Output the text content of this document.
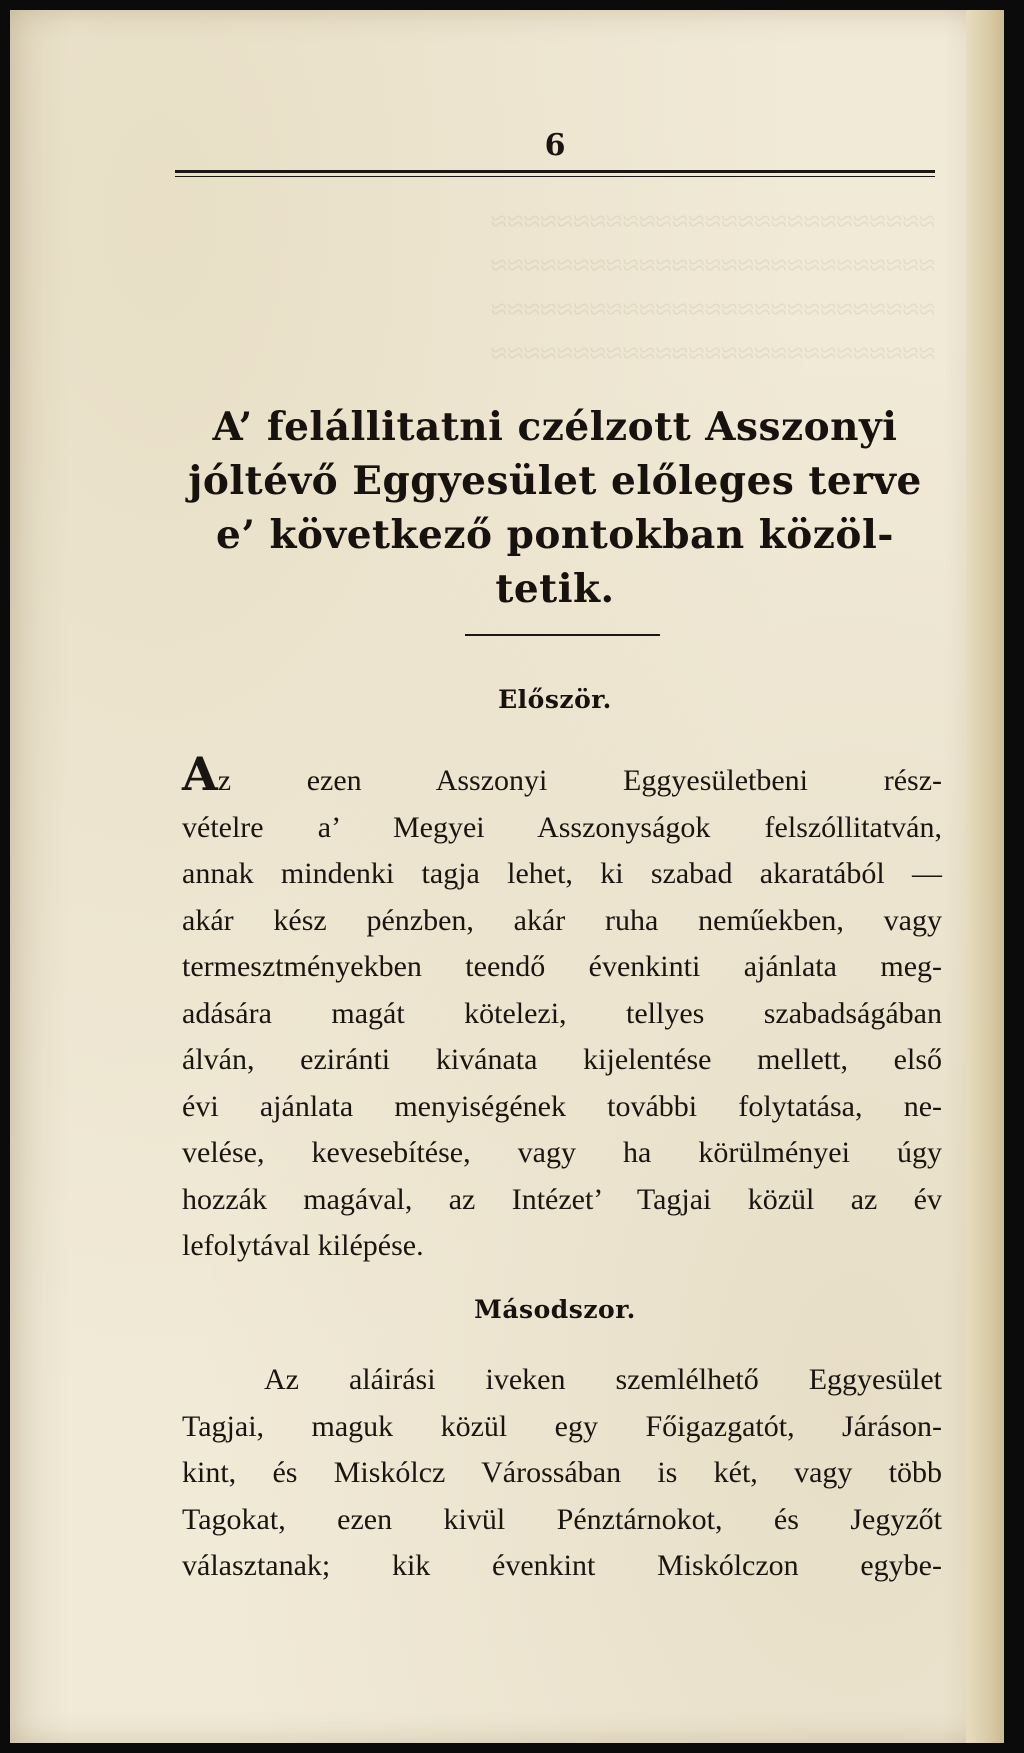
6
≈≈≈≈≈≈≈≈≈≈≈≈≈≈≈≈≈≈≈≈≈≈≈≈≈≈≈
≈≈≈≈≈≈≈≈≈≈≈≈≈≈≈≈≈≈≈≈≈≈≈≈≈≈≈
≈≈≈≈≈≈≈≈≈≈≈≈≈≈≈≈≈≈≈≈≈≈≈≈≈≈≈
≈≈≈≈≈≈≈≈≈≈≈≈≈≈≈≈≈≈≈≈≈≈≈≈≈≈≈
A’ felállitatni czélzott Asszonyi
jóltévő Eggyesület előleges terve
e’ következő pontokban közöl-
tetik.
Először.

Az ezen Asszonyi Eggyesületbeni rész-
vételre a’ Megyei Asszonyságok felszóllitatván,
annak mindenki tagja lehet, ki szabad akaratából —
akár kész pénzben, akár ruha neműekben, vagy
termesztményekben teendő évenkinti ajánlata meg-
adására magát kötelezi, tellyes szabadságában
álván, eziránti kivánata kijelentése mellett, első
évi ajánlata menyiségének további folytatása, ne-
velése, kevesebítése, vagy ha körülményei úgy
hozzák magával, az Intézet’ Tagjai közül az év
lefolytával kilépése.

Másodszor.

Az aláirási iveken szemlélhető Eggyesület
Tagjai, maguk közül egy Főigazgatót, Járáson-
kint, és Miskólcz Várossában is két, vagy több
Tagokat, ezen kivül Pénztárnokot, és Jegyzőt
választanak; kik évenkint Miskólczon egybe-
